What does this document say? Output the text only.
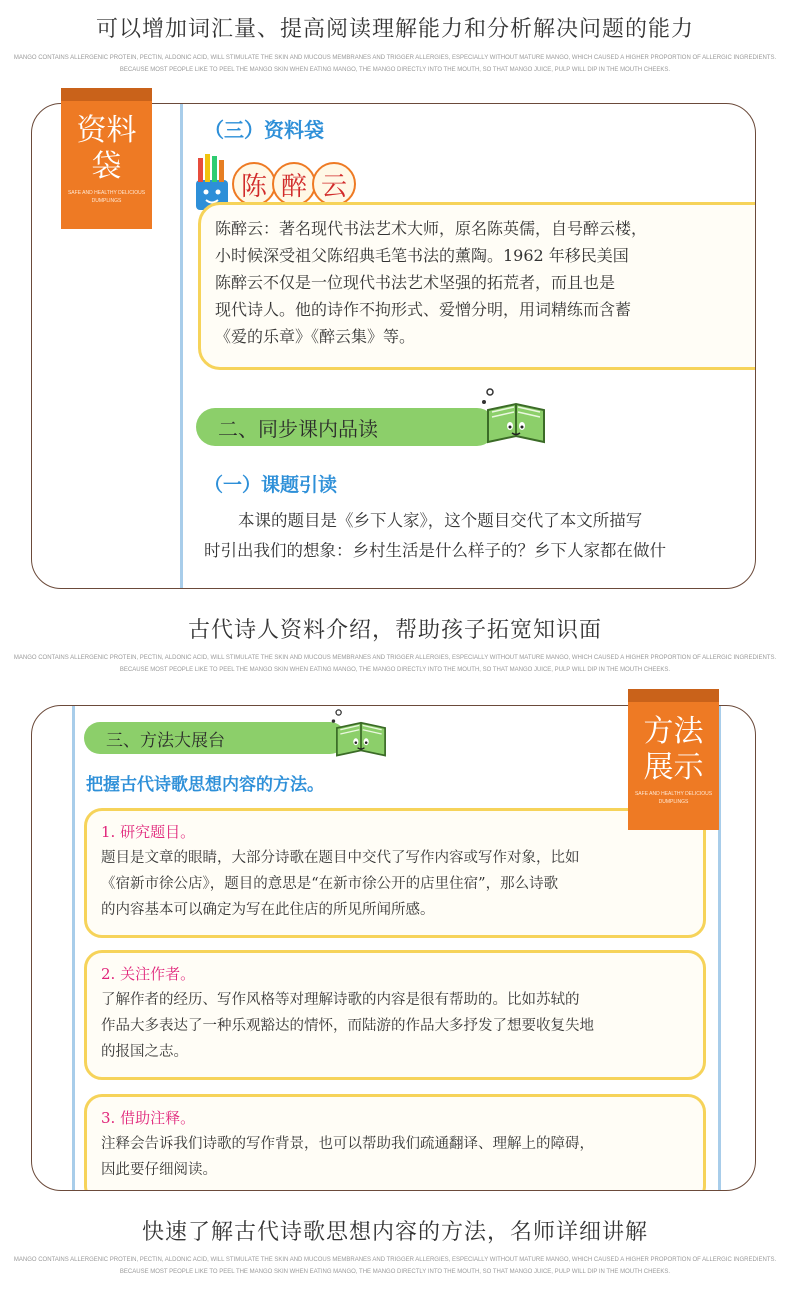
可以增加词汇量、提高阅读理解能力和分析解决问题的能力
MANGO CONTAINS ALLERGENIC PROTEIN, PECTIN, ALDONIC ACID, WILL STIMULATE THE SKIN AND MUCOUS MEMBRANES AND TRIGGER ALLERGIES, ESPECIALLY WITHOUT MATURE MANGO, WHICH CAUSED A HIGHER PROPORTION OF ALLERGIC INGREDIENTS.
BECAUSE MOST PEOPLE LIKE TO PEEL THE MANGO SKIN WHEN EATING MANGO, THE MANGO DIRECTLY INTO THE MOUTH, SO THAT MANGO JUICE, PULP WILL DIP IN THE MOUTH CHEEKS.
（三）资料袋
陈 醉 云
陈醉云：著名现代书法艺术大师，原名陈英儒，自号醉云楼，
小时候深受祖父陈绍典毛笔书法的薰陶。1962 年移民美国
陈醉云不仅是一位现代书法艺术坚强的拓荒者，而且也是
现代诗人。他的诗作不拘形式、爱憎分明，用词精练而含蓄
《爱的乐章》《醉云集》等。
二、同步课内品读
（一）课题引读
本课的题目是《乡下人家》，这个题目交代了本文所描写
时引出我们的想象：乡村生活是什么样子的？乡下人家都在做什
资料
袋
SAFE AND HEALTHY DELICIOUS DUMPLINGS
古代诗人资料介绍，帮助孩子拓宽知识面
MANGO CONTAINS ALLERGENIC PROTEIN, PECTIN, ALDONIC ACID, WILL STIMULATE THE SKIN AND MUCOUS MEMBRANES AND TRIGGER ALLERGIES, ESPECIALLY WITHOUT MATURE MANGO, WHICH CAUSED A HIGHER PROPORTION OF ALLERGIC INGREDIENTS.
BECAUSE MOST PEOPLE LIKE TO PEEL THE MANGO SKIN WHEN EATING MANGO, THE MANGO DIRECTLY INTO THE MOUTH, SO THAT MANGO JUICE, PULP WILL DIP IN THE MOUTH CHEEKS.
三、方法大展台
把握古代诗歌思想内容的方法。
1. 研究题目。
题目是文章的眼睛，大部分诗歌在题目中交代了写作内容或写作对象，比如
《宿新市徐公店》，题目的意思是“在新市徐公开的店里住宿”，那么诗歌
的内容基本可以确定为写在此住店的所见所闻所感。
2. 关注作者。
了解作者的经历、写作风格等对理解诗歌的内容是很有帮助的。比如苏轼的
作品大多表达了一种乐观豁达的情怀，而陆游的作品大多抒发了想要收复失地
的报国之志。
3. 借助注释。
注释会告诉我们诗歌的写作背景，也可以帮助我们疏通翻译、理解上的障碍，
因此要仔细阅读。
方法
展示
SAFE AND HEALTHY DELICIOUS DUMPLINGS
快速了解古代诗歌思想内容的方法，名师详细讲解
MANGO CONTAINS ALLERGENIC PROTEIN, PECTIN, ALDONIC ACID, WILL STIMULATE THE SKIN AND MUCOUS MEMBRANES AND TRIGGER ALLERGIES, ESPECIALLY WITHOUT MATURE MANGO, WHICH CAUSED A HIGHER PROPORTION OF ALLERGIC INGREDIENTS.
BECAUSE MOST PEOPLE LIKE TO PEEL THE MANGO SKIN WHEN EATING MANGO, THE MANGO DIRECTLY INTO THE MOUTH, SO THAT MANGO JUICE, PULP WILL DIP IN THE MOUTH CHEEKS.
